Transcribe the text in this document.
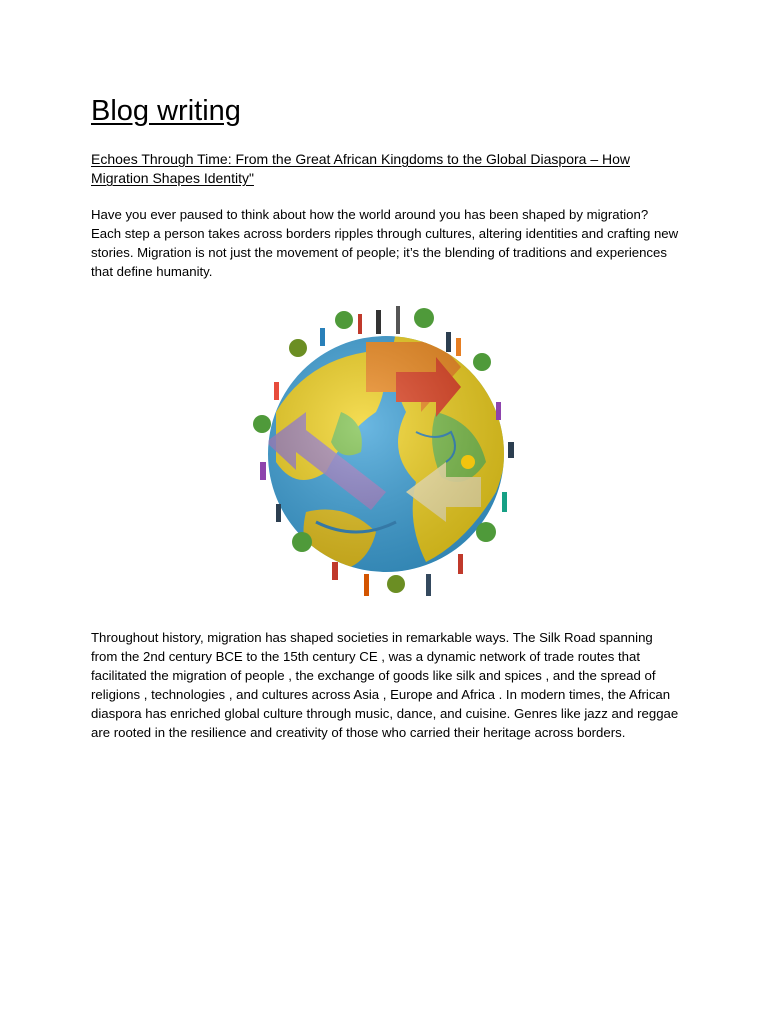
Blog writing
Echoes Through Time: From the Great African Kingdoms to the Global Diaspora – How Migration Shapes Identity"

Have you ever paused to think about how the world around you has been shaped by migration? Each step a person takes across borders ripples through cultures, altering identities and crafting new stories. Migration is not just the movement of people; it’s the blending of traditions and experiences that define humanity.

Throughout history, migration has shaped societies in remarkable ways. The Silk Road spanning from the 2nd century BCE to the 15th century CE , was a dynamic network of trade routes that facilitated the migration of people , the exchange of goods like silk and spices , and the spread of religions , technologies , and cultures across Asia , Europe and Africa . In modern times, the African diaspora has enriched global culture through music, dance, and cuisine. Genres like jazz and reggae are rooted in the resilience and creativity of those who carried their heritage across borders.
